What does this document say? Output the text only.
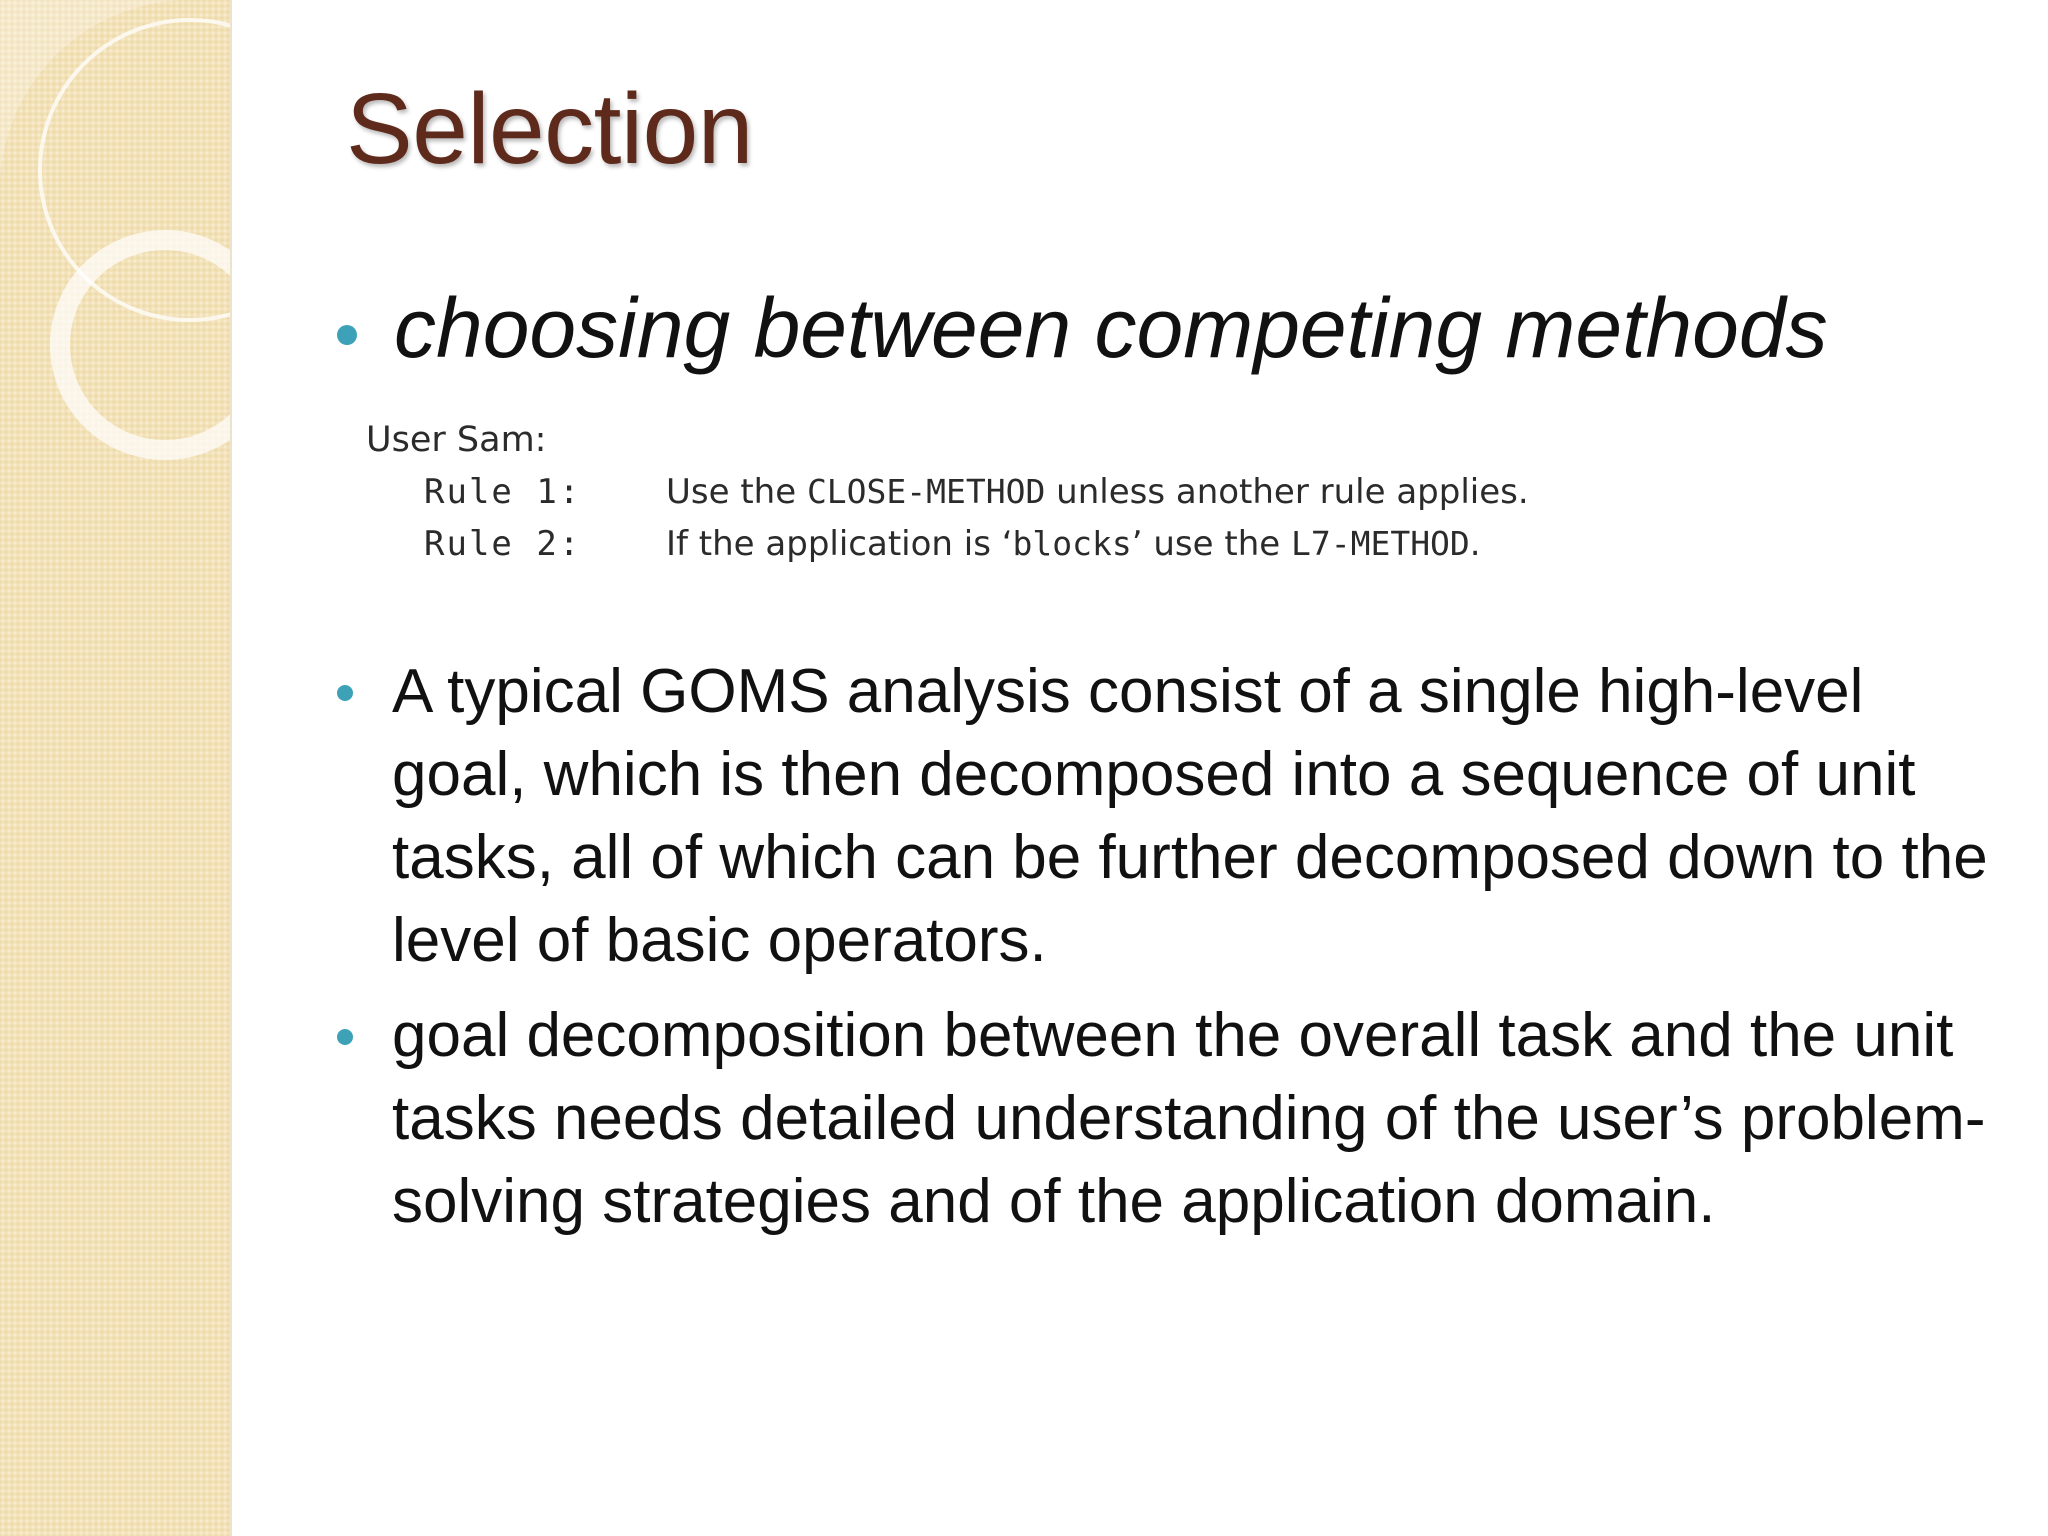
Selection

choosing between competing methods

User Sam:
Rule 1: Use the CLOSE-METHOD unless another rule applies.
Rule 2: If the application is ‘blocks’ use the L7-METHOD.

A typical GOMS analysis consist of a single high-level goal, which is then decomposed into a sequence of unit tasks, all of which can be further decomposed down to the level of basic operators.

goal decomposition between the overall task and the unit tasks needs detailed understanding of the user’s problem-solving strategies and of the application domain.
